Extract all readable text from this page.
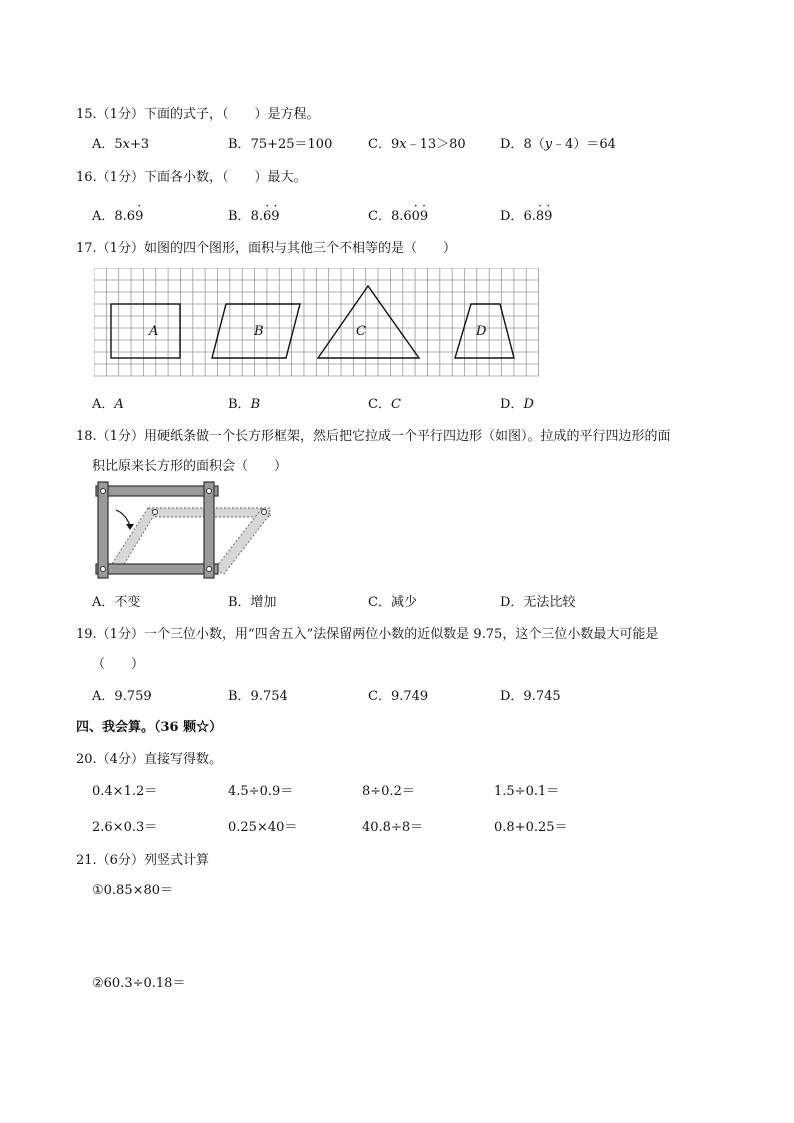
15.（1分）下面的式子，（　　）是方程。
A．5x+3	B．75+25＝100	C．9x﹣13＞80	D．8（y﹣4）＝64
16.（1分）下面各小数，（　　）最大。
A．8.6· 9	B．8.· 6· 9	C．8.6· 0· 9	D．6.· 8· 9
17.（1分）如图的四个图形，面积与其他三个不相等的是（　　）
A	B	C	D
A．A	B．B	C．C	D．D
18.（1分）用硬纸条做一个长方形框架，然后把它拉成一个平行四边形（如图）。拉成的平行四边形的面
积比原来长方形的面积会（　　）
A．不变	B．增加	C．减少	D．无法比较
19.（1分）一个三位小数，用“四舍五入”法保留两位小数的近似数是 9.75，这个三位小数最大可能是
（　　）
A．9.759	B．9.754	C．9.749	D．9.745
四、我会算。（36 颗☆）
20.（4分）直接写得数。
0.4×1.2＝	4.5÷0.9＝	8÷0.2＝	1.5÷0.1＝
2.6×0.3＝	0.25×40＝	40.8÷8＝	0.8+0.25＝
21.（6分）列竖式计算
①0.85×80＝
②60.3÷0.18＝
